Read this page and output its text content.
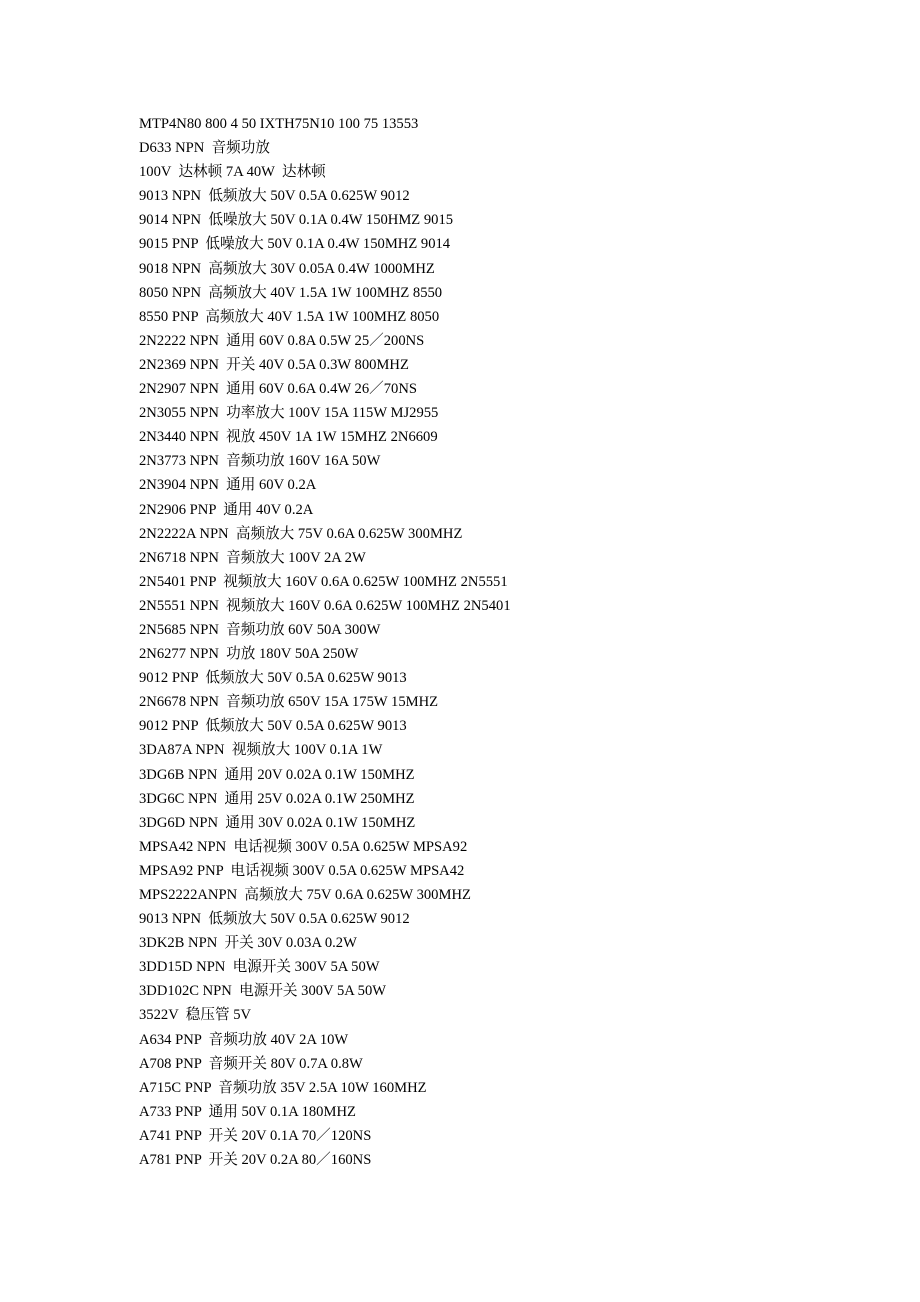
MTP4N80 800 4 50 IXTH75N10 100 75 13553
D633 NPN  音频功放
100V  达林顿 7A 40W  达林顿
9013 NPN  低频放大 50V 0.5A 0.625W 9012
9014 NPN  低噪放大 50V 0.1A 0.4W 150HMZ 9015
9015 PNP  低噪放大 50V 0.1A 0.4W 150MHZ 9014
9018 NPN  高频放大 30V 0.05A 0.4W 1000MHZ
8050 NPN  高频放大 40V 1.5A 1W 100MHZ 8550
8550 PNP  高频放大 40V 1.5A 1W 100MHZ 8050
2N2222 NPN  通用 60V 0.8A 0.5W 25／200NS
2N2369 NPN  开关 40V 0.5A 0.3W 800MHZ
2N2907 NPN  通用 60V 0.6A 0.4W 26／70NS
2N3055 NPN  功率放大 100V 15A 115W MJ2955
2N3440 NPN  视放 450V 1A 1W 15MHZ 2N6609
2N3773 NPN  音频功放 160V 16A 50W
2N3904 NPN  通用 60V 0.2A
2N2906 PNP  通用 40V 0.2A
2N2222A NPN  高频放大 75V 0.6A 0.625W 300MHZ
2N6718 NPN  音频放大 100V 2A 2W
2N5401 PNP  视频放大 160V 0.6A 0.625W 100MHZ 2N5551
2N5551 NPN  视频放大 160V 0.6A 0.625W 100MHZ 2N5401
2N5685 NPN  音频功放 60V 50A 300W
2N6277 NPN  功放 180V 50A 250W
9012 PNP  低频放大 50V 0.5A 0.625W 9013
2N6678 NPN  音频功放 650V 15A 175W 15MHZ
9012 PNP  低频放大 50V 0.5A 0.625W 9013
3DA87A NPN  视频放大 100V 0.1A 1W
3DG6B NPN  通用 20V 0.02A 0.1W 150MHZ
3DG6C NPN  通用 25V 0.02A 0.1W 250MHZ
3DG6D NPN  通用 30V 0.02A 0.1W 150MHZ
MPSA42 NPN  电话视频 300V 0.5A 0.625W MPSA92
MPSA92 PNP  电话视频 300V 0.5A 0.625W MPSA42
MPS2222ANPN  高频放大 75V 0.6A 0.625W 300MHZ
9013 NPN  低频放大 50V 0.5A 0.625W 9012
3DK2B NPN  开关 30V 0.03A 0.2W
3DD15D NPN  电源开关 300V 5A 50W
3DD102C NPN  电源开关 300V 5A 50W
3522V  稳压管 5V
A634 PNP  音频功放 40V 2A 10W
A708 PNP  音频开关 80V 0.7A 0.8W
A715C PNP  音频功放 35V 2.5A 10W 160MHZ
A733 PNP  通用 50V 0.1A 180MHZ
A741 PNP  开关 20V 0.1A 70／120NS
A781 PNP  开关 20V 0.2A 80／160NS
